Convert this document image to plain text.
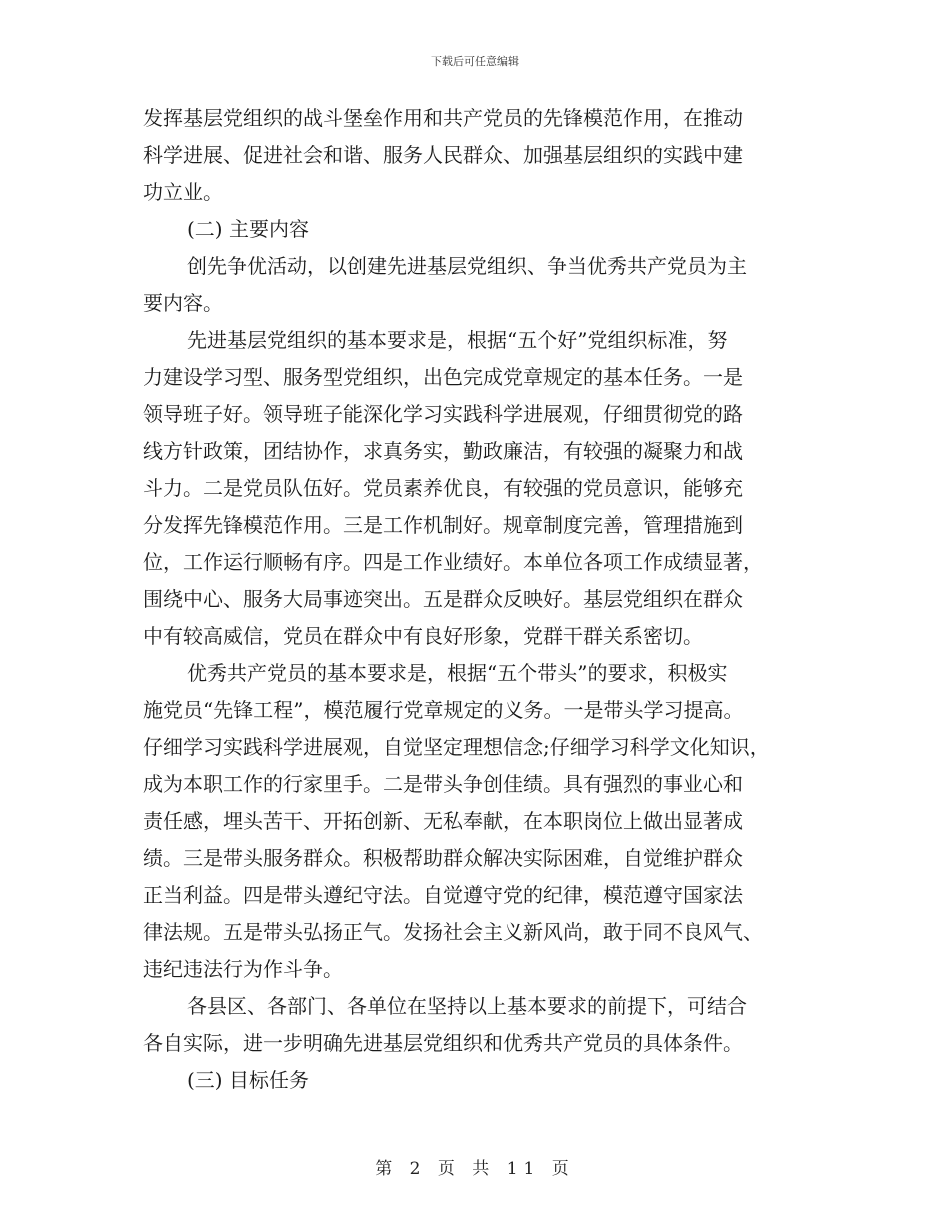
下载后可任意编辑
发挥基层党组织的战斗堡垒作用和共产党员的先锋模范作用，在推动
科学进展、促进社会和谐、服务人民群众、加强基层组织的实践中建
功立业。
(二) 主要内容
创先争优活动，以创建先进基层党组织、争当优秀共产党员为主
要内容。
先进基层党组织的基本要求是，根据“五个好”党组织标准，努
力建设学习型、服务型党组织，出色完成党章规定的基本任务。一是
领导班子好。领导班子能深化学习实践科学进展观，仔细贯彻党的路
线方针政策，团结协作，求真务实，勤政廉洁，有较强的凝聚力和战
斗力。二是党员队伍好。党员素养优良，有较强的党员意识，能够充
分发挥先锋模范作用。三是工作机制好。规章制度完善，管理措施到
位，工作运行顺畅有序。四是工作业绩好。本单位各项工作成绩显著，
围绕中心、服务大局事迹突出。五是群众反映好。基层党组织在群众
中有较高威信，党员在群众中有良好形象，党群干群关系密切。
优秀共产党员的基本要求是，根据“五个带头”的要求，积极实
施党员“先锋工程”，模范履行党章规定的义务。一是带头学习提高。
仔细学习实践科学进展观，自觉坚定理想信念;仔细学习科学文化知识，
成为本职工作的行家里手。二是带头争创佳绩。具有强烈的事业心和
责任感，埋头苦干、开拓创新、无私奉献，在本职岗位上做出显著成
绩。三是带头服务群众。积极帮助群众解决实际困难，自觉维护群众
正当利益。四是带头遵纪守法。自觉遵守党的纪律，模范遵守国家法
律法规。五是带头弘扬正气。发扬社会主义新风尚，敢于同不良风气、
违纪违法行为作斗争。
各县区、各部门、各单位在坚持以上基本要求的前提下，可结合
各自实际，进一步明确先进基层党组织和优秀共产党员的具体条件。
(三) 目标任务
第 2 页 共 11 页
